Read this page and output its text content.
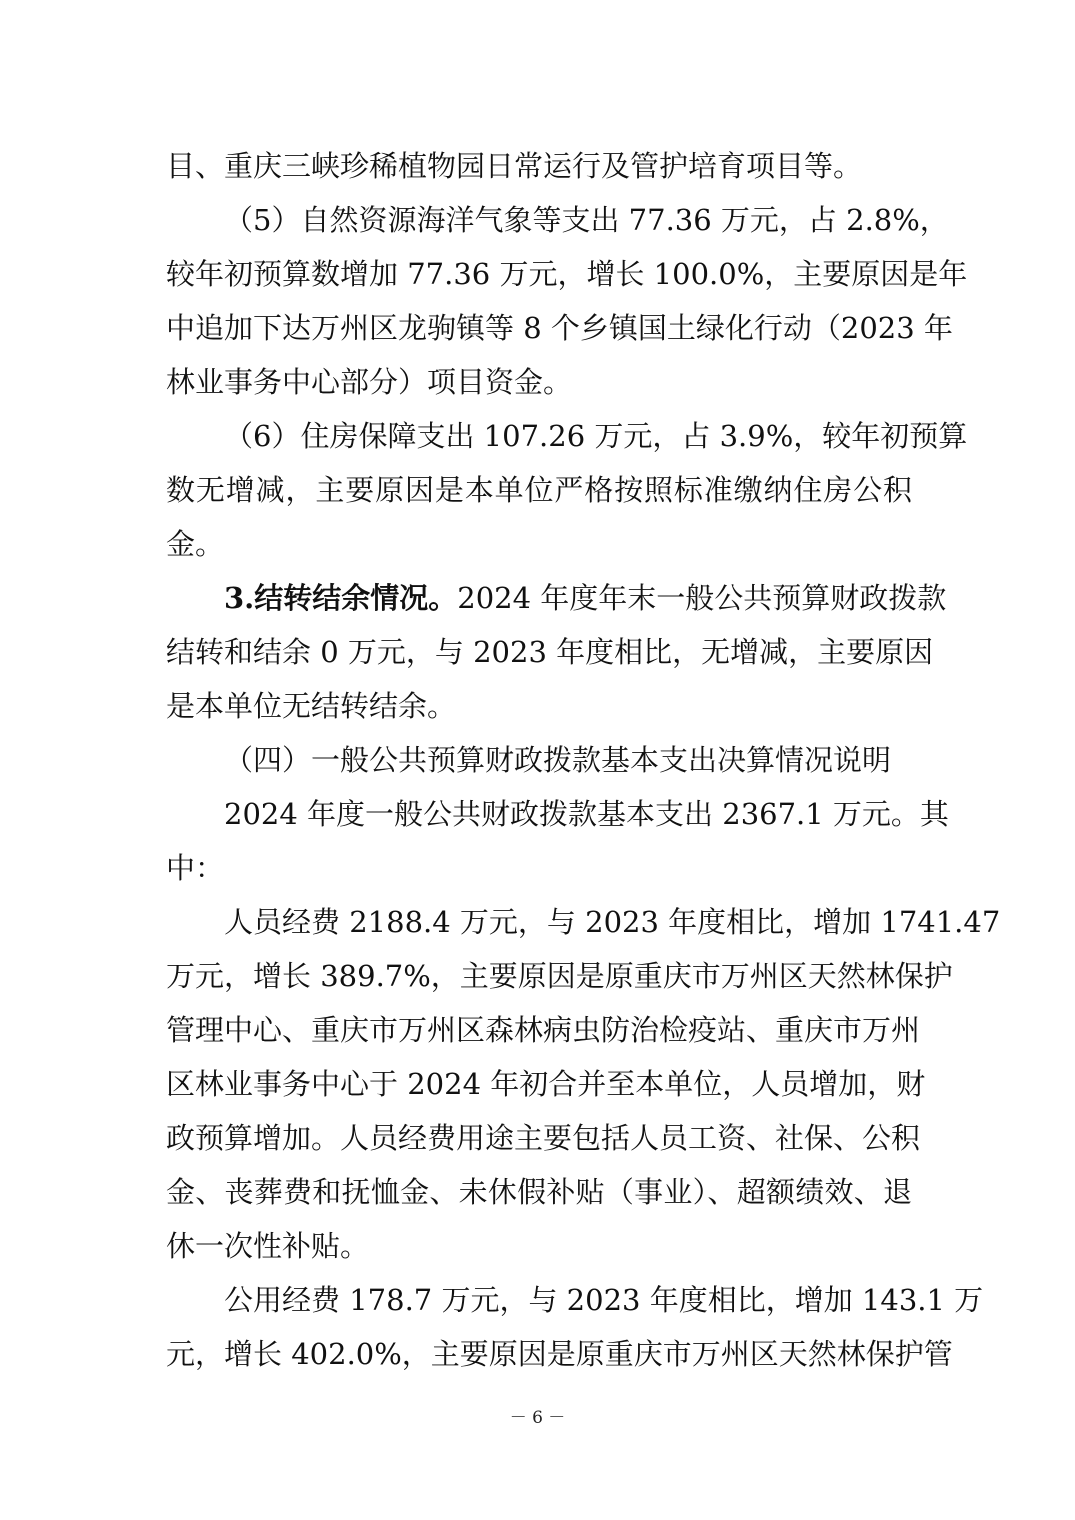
目、重庆三峡珍稀植物园日常运行及管护培育项目等。
（5）自然资源海洋气象等支出 77.36 万元，占 2.8%，
较年初预算数增加 77.36 万元，增长 100.0%，主要原因是年
中追加下达万州区龙驹镇等 8 个乡镇国土绿化行动（2023 年
林业事务中心部分）项目资金。
（6）住房保障支出 107.26 万元，占 3.9%，较年初预算
数无增减，主要原因是本单位严格按照标准缴纳住房公积
金。
3.结转结余情况。2024 年度年末一般公共预算财政拨款
结转和结余 0 万元，与 2023 年度相比，无增减，主要原因
是本单位无结转结余。
（四）一般公共预算财政拨款基本支出决算情况说明
2024 年度一般公共财政拨款基本支出 2367.1 万元。其
中：
人员经费 2188.4 万元，与 2023 年度相比，增加 1741.47
万元，增长 389.7%，主要原因是原重庆市万州区天然林保护
管理中心、重庆市万州区森林病虫防治检疫站、重庆市万州
区林业事务中心于 2024 年初合并至本单位，人员增加，财
政预算增加。人员经费用途主要包括人员工资、社保、公积
金、丧葬费和抚恤金、未休假补贴（事业）、超额绩效、退
休一次性补贴。
公用经费 178.7 万元，与 2023 年度相比，增加 143.1 万
元，增长 402.0%，主要原因是原重庆市万州区天然林保护管
－ 6 －
